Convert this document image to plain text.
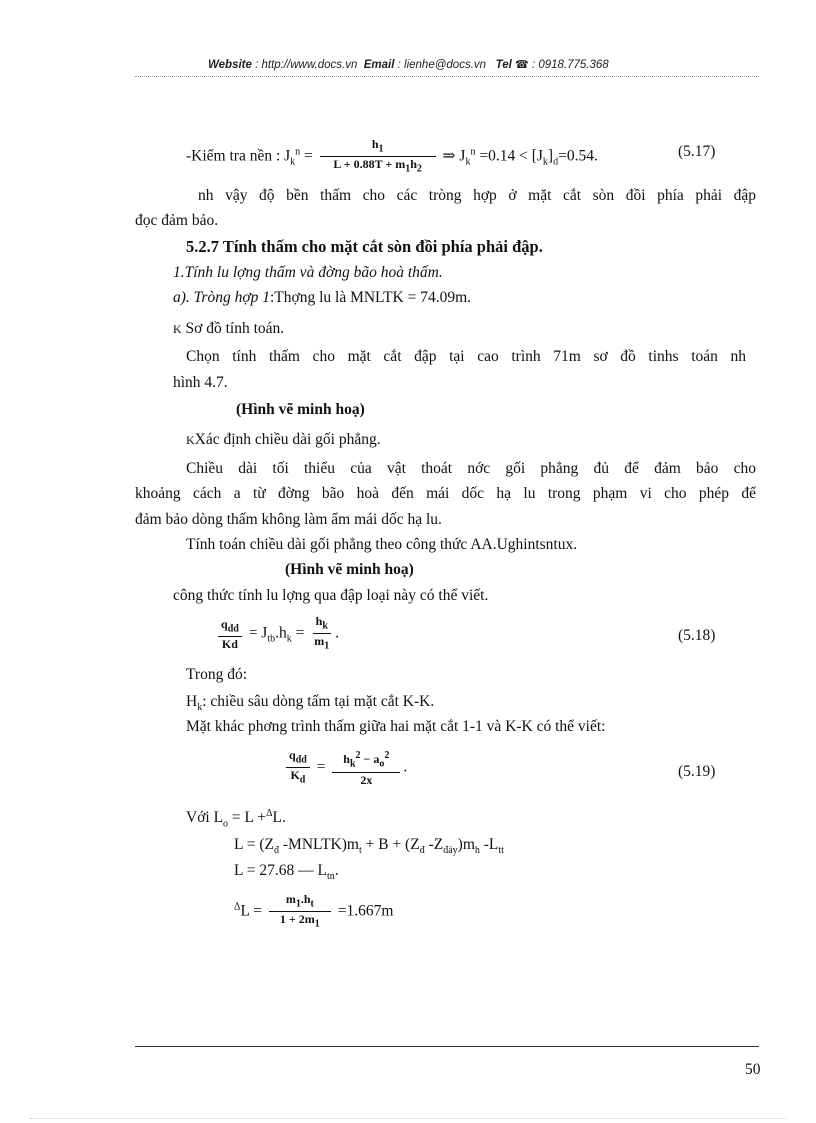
Website : http://www.docs.vn Email : lienhe@docs.vn Tel ☎ : 0918.775.368
-Kiểm tra nền : $J_k^n = \frac{h_1}{L + 0.88T + m_1h_2}$ ⇒ $J_k^n =0.14 < [J_k]_d=0.54$.	(5.17)
nh vậy độ bền thấm cho các tròng hợp ở mặt cắt sòn đồi phía phải đập
đọc đảm bảo.
5.2.7 Tính thấm cho mặt cắt sòn đồi phía phải đập.
1.Tính lu lợng thấm và đờng bão hoà thấm.
a). Tròng hợp 1:Thợng lu là MNLTK = 74.09m.
K Sơ đồ tính toán.
Chọn tính thấm cho mặt cắt đập tại cao trình 71m sơ đồ tinhs toán nh
hình 4.7.
(Hình vẽ minh hoạ)
KXác định chiều dài gối phẳng.
Chiều dài tối thiểu của vật thoát nớc gối phẳng đủ để đảm bảo cho
khoảng cách a từ đờng bão hoà đến mái dốc hạ lu trong phạm vi cho phép để
đảm bảo dòng thấm không làm ẩm mái dốc hạ lu.
Tính toán chiều dài gối phẳng theo công thức AA.Ughintsntux.
(Hình vẽ minh hoạ)
công thức tính lu lợng qua đập loại này có thể viết.
$\frac{q_{dd}}{Kd} = J_{tb}.h_k = \frac{h_k}{m_1}$ .	(5.18)
Trong đó:
$H_k$: chiều sâu dòng tấm tại mặt cắt K-K.
Mặt khác phơng trình thấm giữa hai mặt cắt 1-1 và K-K có thể viết:
$\frac{q_{dd}}{K_d} = \frac{h_k^2 - a_o^2}{2x}$ .	(5.19)
Với $L_o = L +^\Delta L$.
$L = (Z_đ$ $-MNLTK)m_t + B + (Z_đ$ $-Z_{đáy})m_h$ $-L_{tt}$
L = 27.68 — $L_{tn}$.
$^\Delta L = \frac{m_1.h_t}{1 + 2m_1} =1.667m$
50
